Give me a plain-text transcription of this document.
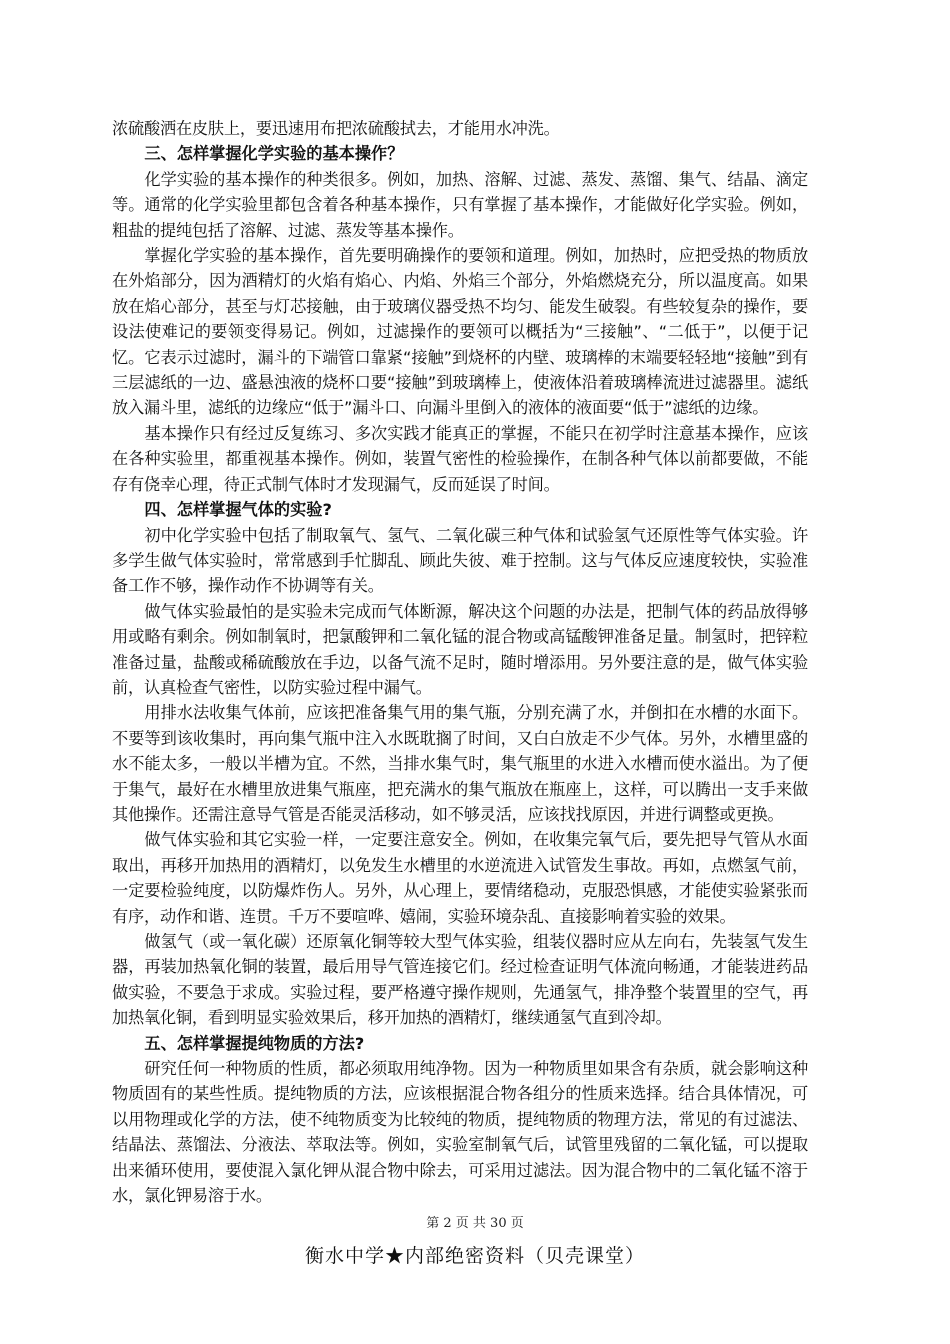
浓硫酸洒在皮肤上，要迅速用布把浓硫酸拭去，才能用水冲洗。

三、怎样掌握化学实验的基本操作？

化学实验的基本操作的种类很多。例如，加热、溶解、过滤、蒸发、蒸馏、集气、结晶、滴定等。通常的化学实验里都包含着各种基本操作，只有掌握了基本操作，才能做好化学实验。例如，粗盐的提纯包括了溶解、过滤、蒸发等基本操作。

掌握化学实验的基本操作，首先要明确操作的要领和道理。例如，加热时，应把受热的物质放在外焰部分，因为酒精灯的火焰有焰心、内焰、外焰三个部分，外焰燃烧充分，所以温度高。如果放在焰心部分，甚至与灯芯接触，由于玻璃仪器受热不均匀、能发生破裂。有些较复杂的操作，要设法使难记的要领变得易记。例如，过滤操作的要领可以概括为“三接触”、“二低于”，以便于记忆。它表示过滤时，漏斗的下端管口靠紧“接触”到烧杯的内壁、玻璃棒的末端要轻轻地“接触”到有三层滤纸的一边、盛悬浊液的烧杯口要“接触”到玻璃棒上，使液体沿着玻璃棒流进过滤器里。滤纸放入漏斗里，滤纸的边缘应“低于”漏斗口、向漏斗里倒入的液体的液面要“低于”滤纸的边缘。

基本操作只有经过反复练习、多次实践才能真正的掌握，不能只在初学时注意基本操作，应该在各种实验里，都重视基本操作。例如，装置气密性的检验操作，在制各种气体以前都要做，不能存有侥幸心理，待正式制气体时才发现漏气，反而延误了时间。

四、怎样掌握气体的实验?

初中化学实验中包括了制取氧气、氢气、二氧化碳三种气体和试验氢气还原性等气体实验。许多学生做气体实验时，常常感到手忙脚乱、顾此失彼、难于控制。这与气体反应速度较快，实验准备工作不够，操作动作不协调等有关。

做气体实验最怕的是实验未完成而气体断源，解决这个问题的办法是，把制气体的药品放得够用或略有剩余。例如制氧时，把氯酸钾和二氧化锰的混合物或高锰酸钾准备足量。制氢时，把锌粒准备过量，盐酸或稀硫酸放在手边，以备气流不足时，随时增添用。另外要注意的是，做气体实验前，认真检查气密性，以防实验过程中漏气。

用排水法收集气体前，应该把准备集气用的集气瓶，分别充满了水，并倒扣在水槽的水面下。不要等到该收集时，再向集气瓶中注入水既耽搁了时间，又白白放走不少气体。另外，水槽里盛的水不能太多，一般以半槽为宜。不然，当排水集气时，集气瓶里的水进入水槽而使水溢出。为了便于集气，最好在水槽里放进集气瓶座，把充满水的集气瓶放在瓶座上，这样，可以腾出一支手来做其他操作。还需注意导气管是否能灵活移动，如不够灵活，应该找找原因，并进行调整或更换。

做气体实验和其它实验一样，一定要注意安全。例如，在收集完氧气后，要先把导气管从水面取出，再移开加热用的酒精灯，以免发生水槽里的水逆流进入试管发生事故。再如，点燃氢气前，一定要检验纯度，以防爆炸伤人。另外，从心理上，要情绪稳动，克服恐惧感，才能使实验紧张而有序，动作和谐、连贯。千万不要喧哗、嬉闹，实验环境杂乱、直接影响着实验的效果。

做氢气（或一氧化碳）还原氧化铜等较大型气体实验，组装仪器时应从左向右，先装氢气发生器，再装加热氧化铜的装置，最后用导气管连接它们。经过检查证明气体流向畅通，才能装进药品做实验，不要急于求成。实验过程，要严格遵守操作规则，先通氢气，排净整个装置里的空气，再加热氧化铜，看到明显实验效果后，移开加热的酒精灯，继续通氢气直到冷却。

五、怎样掌握提纯物质的方法?

研究任何一种物质的性质，都必须取用纯净物。因为一种物质里如果含有杂质，就会影响这种物质固有的某些性质。提纯物质的方法，应该根据混合物各组分的性质来选择。结合具体情况，可以用物理或化学的方法，使不纯物质变为比较纯的物质，提纯物质的物理方法，常见的有过滤法、结晶法、蒸馏法、分液法、萃取法等。例如，实验室制氧气后，试管里残留的二氧化锰，可以提取出来循环使用，要使混入氯化钾从混合物中除去，可采用过滤法。因为混合物中的二氧化锰不溶于水，氯化钾易溶于水。

第 2 页 共 30 页
衡水中学★内部绝密资料（贝壳课堂）
